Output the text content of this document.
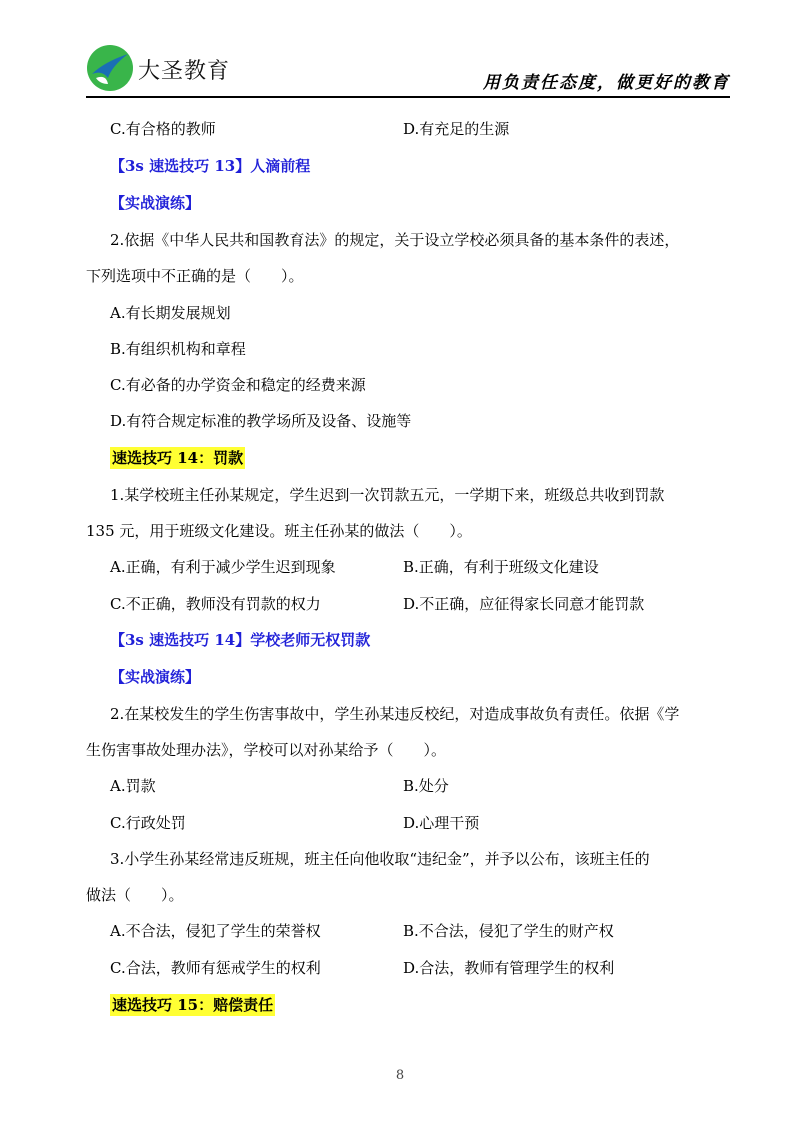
大圣教育	用负责任态度，做更好的教育
C.有合格的教师	D.有充足的生源
【3s 速选技巧 13】人滴前程
【实战演练】
2.依据《中华人民共和国教育法》的规定，关于设立学校必须具备的基本条件的表述，
下列选项中不正确的是（　　）。
A.有长期发展规划
B.有组织机构和章程
C.有必备的办学资金和稳定的经费来源
D.有符合规定标准的教学场所及设备、设施等
速选技巧 14：罚款
1.某学校班主任孙某规定，学生迟到一次罚款五元，一学期下来，班级总共收到罚款
135 元，用于班级文化建设。班主任孙某的做法（　　）。
A.正确，有利于减少学生迟到现象	B.正确，有利于班级文化建设
C.不正确，教师没有罚款的权力	D.不正确，应征得家长同意才能罚款
【3s 速选技巧 14】学校老师无权罚款
【实战演练】
2.在某校发生的学生伤害事故中，学生孙某违反校纪，对造成事故负有责任。依据《学
生伤害事故处理办法》，学校可以对孙某给予（　　）。
A.罚款	B.处分
C.行政处罚	D.心理干预
3.小学生孙某经常违反班规，班主任向他收取“违纪金”，并予以公布，该班主任的
做法（　　）。
A.不合法，侵犯了学生的荣誉权	B.不合法，侵犯了学生的财产权
C.合法，教师有惩戒学生的权利	D.合法，教师有管理学生的权利
速选技巧 15：赔偿责任
8
